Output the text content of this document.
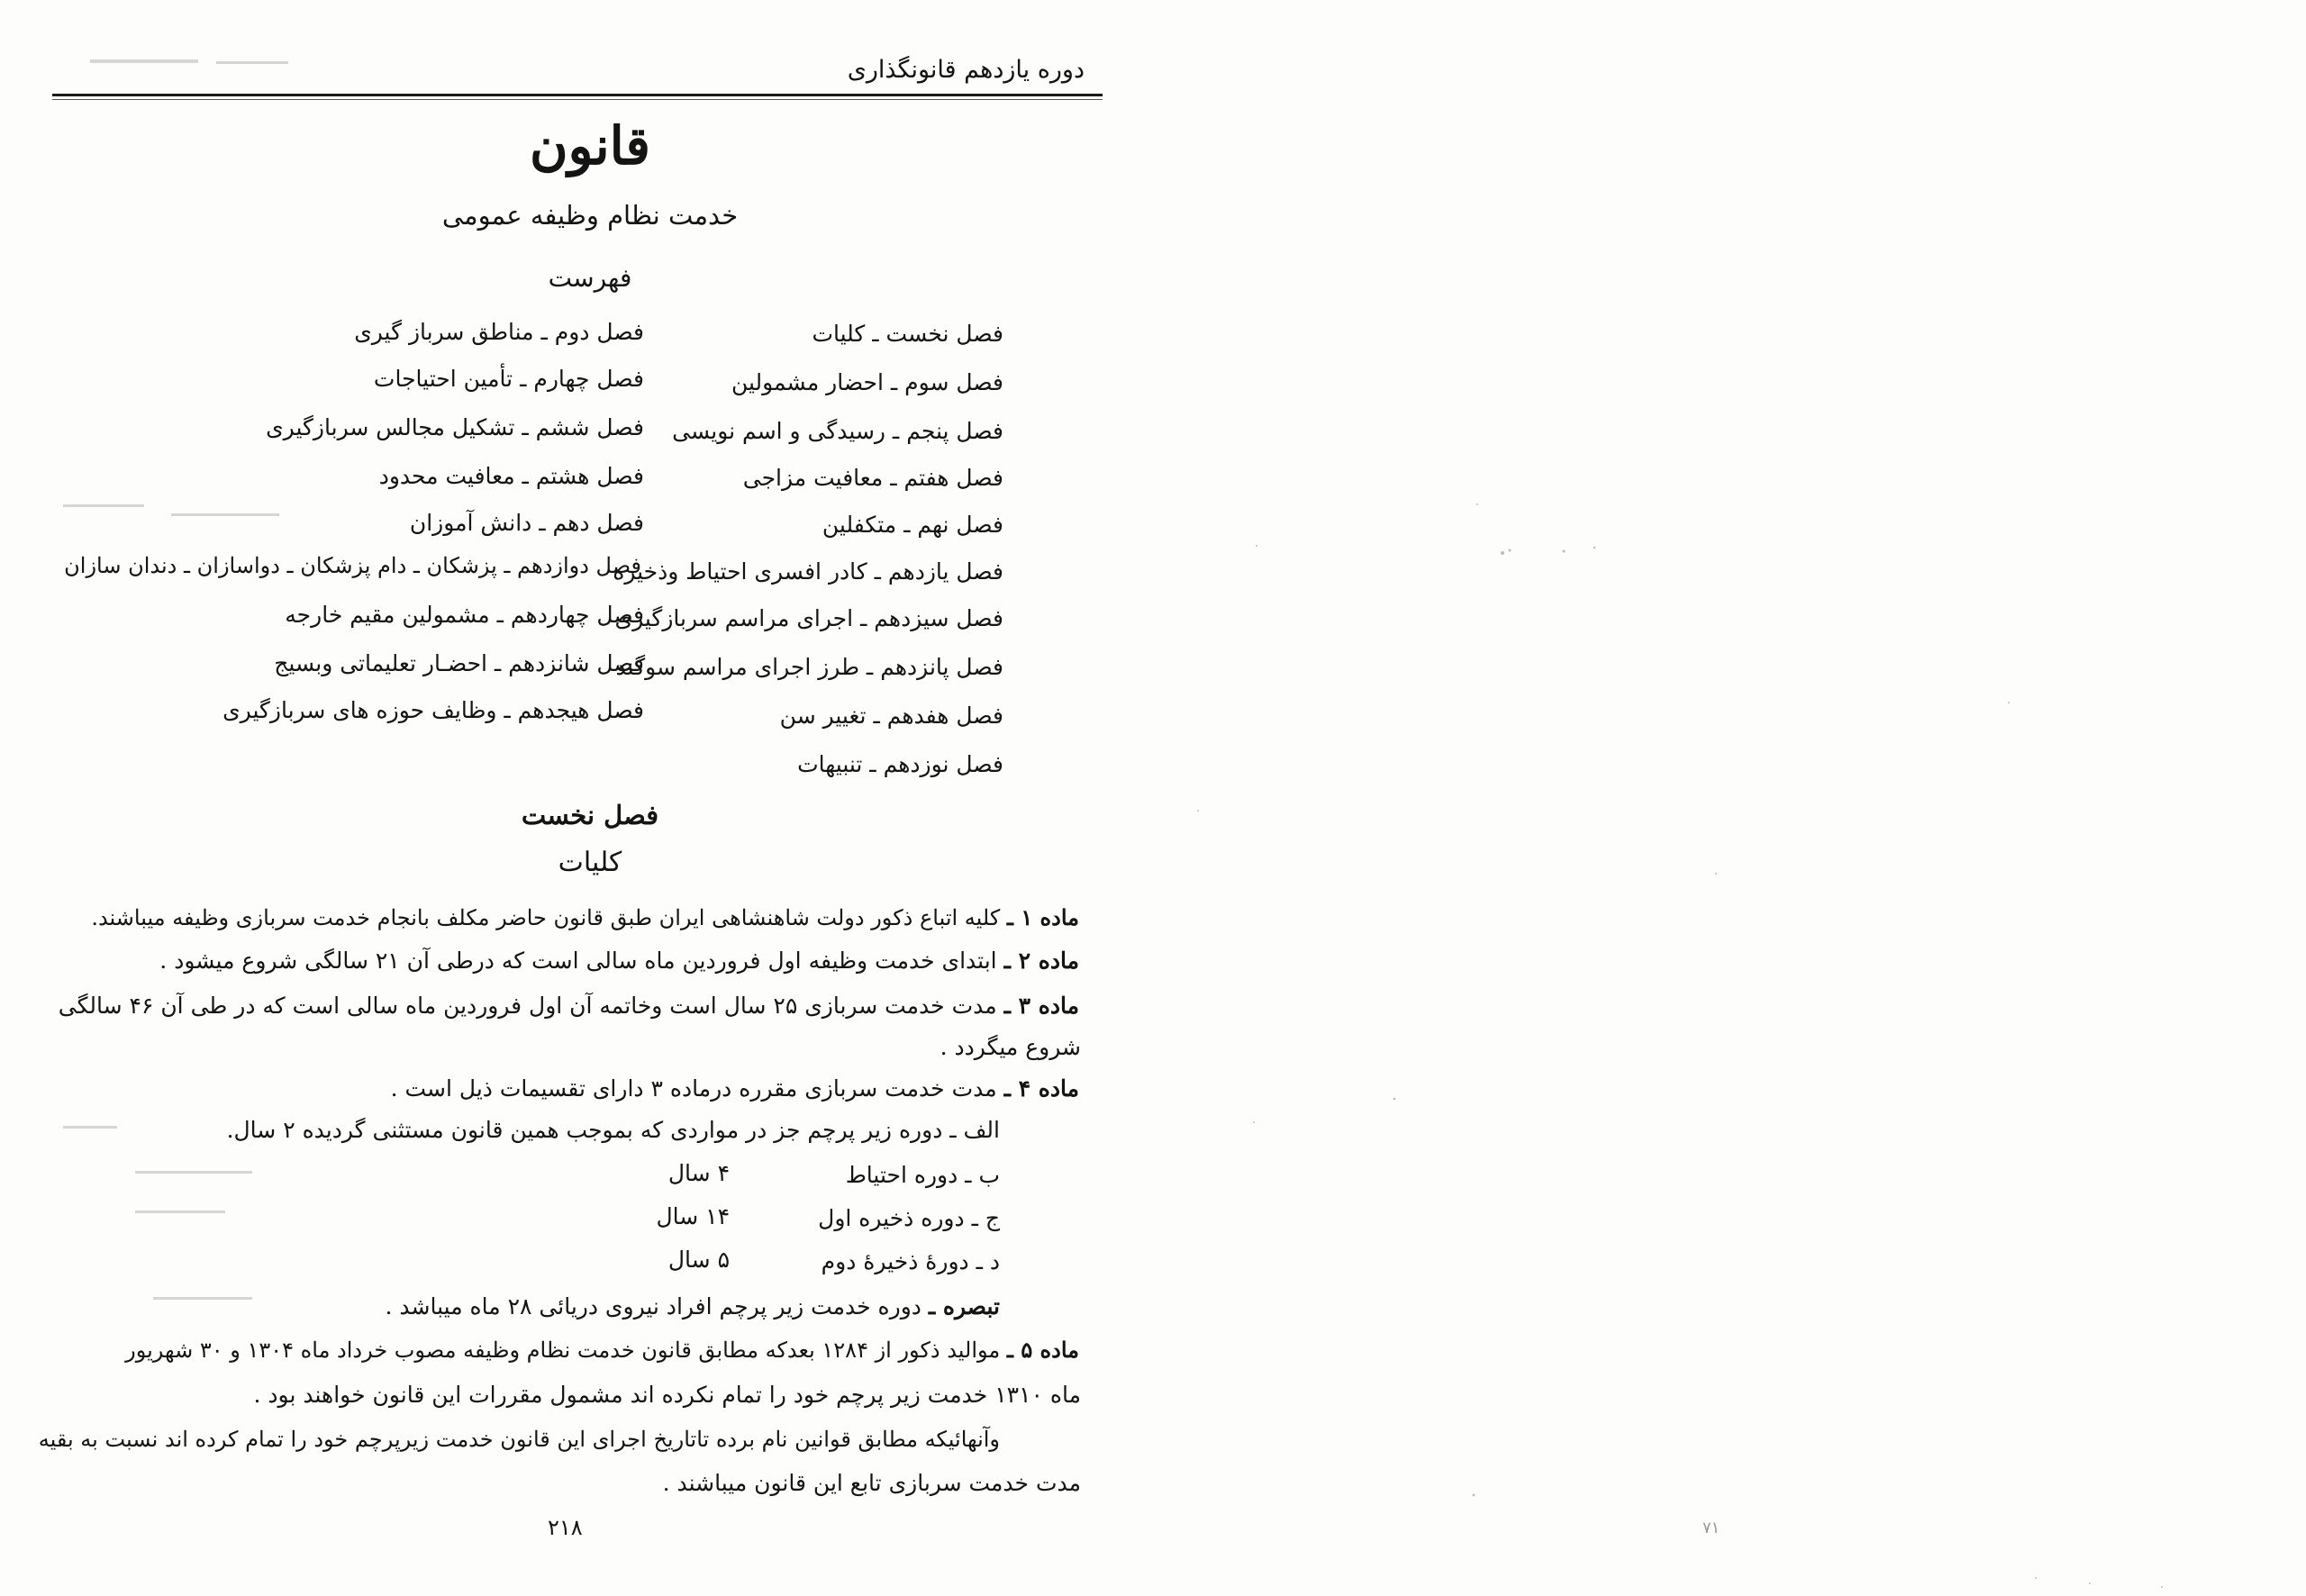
دوره یازدهم قانونگذاری
قانون
خدمت نظام وظیفه عمومی
فهرست
فصل نخست ـ کلیات
فصل دوم ـ مناطق سرباز گیری
فصل سوم ـ احضار مشمولین
فصل چهارم ـ تأمین احتیاجات
فصل پنجم ـ رسیدگی و اسم نویسی
فصل ششم ـ تشکیل مجالس سربازگیری
فصل هفتم ـ معافیت مزاجی
فصل هشتم ـ معافیت محدود
فصل نهم ـ متکفلین
فصل دهم ـ دانش آموزان
فصل یازدهم ـ کادر افسری احتیاط وذخیره
فصل دوازدهم ـ پزشکان ـ دام پزشکان ـ دواسازان ـ دندان سازان
فصل سیزدهم ـ اجرای مراسم سربازگیری
فصل چهاردهم ـ مشمولین مقیم خارجه
فصل پانزدهم ـ طرز اجرای مراسم سوگند
فصل شانزدهم ـ احضـار تعلیماتی وبسیج
فصل هفدهم ـ تغییر سن
فصل هیجدهم ـ وظایف حوزه های سربازگیری
فصل نوزدهم ـ تنبیهات
فصل نخست
کلیات
ماده ۱ ـ کلیه اتباع ذکور دولت شاهنشاهی ایران طبق قانون حاضر مکلف بانجام خدمت سربازی وظیفه میباشند.
ماده ۲ ـ ابتدای خدمت وظیفه اول فروردین ماه سالی است که درطی آن ۲۱ سالگی شروع میشود .
ماده ۳ ـ مدت خدمت سربازی ۲۵ سال است وخاتمه آن اول فروردین ماه سالی است که در طی آن ۴۶ سالگی
شروع میگردد .
ماده ۴ ـ مدت خدمت سربازی مقرره درماده ۳ دارای تقسیمات ذیل است .
الف ـ دوره زیر پرچم جز در مواردی که بموجب همین قانون مستثنی گردیده ۲ سال.
ب ـ دوره احتیاط
۴ سال
ج ـ دوره ذخیره اول
۱۴ سال
د ـ دورهٔ ذخیرهٔ دوم
۵ سال
تبصره ـ دوره خدمت زیر پرچم افراد نیروی دریائی ۲۸ ماه میباشد .
ماده ۵ ـ موالید ذکور از ۱۲۸۴ بعدکه مطابق قانون خدمت نظام وظیفه مصوب خرداد ماه ۱۳۰۴ و ۳۰ شهریور
ماه ۱۳۱۰ خدمت زیر پرچم خود را تمام نکرده اند مشمول مقررات این قانون خواهند بود .
وآنهائیکه مطابق قوانین نام برده تاتاریخ اجرای این قانون خدمت زیرپرچم خود را تمام کرده اند نسبت به بقیه
مدت خدمت سربازی تابع این قانون میباشند .
۲۱۸	۷۱
